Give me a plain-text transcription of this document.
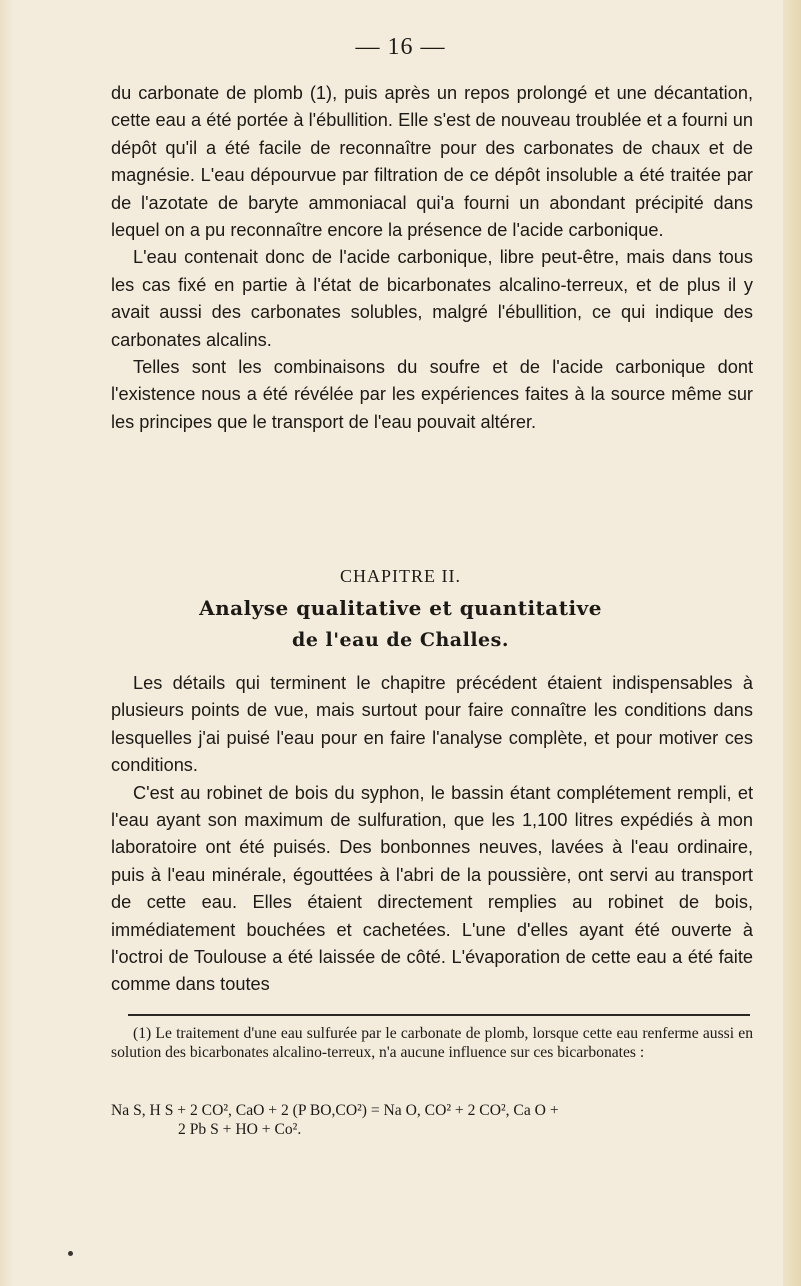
— 16 —

du carbonate de plomb (1), puis après un repos prolongé et une décantation, cette eau a été portée à l'ébullition. Elle s'est de nouveau troublée et a fourni un dépôt qu'il a été facile de reconnaître pour des carbonates de chaux et de magnésie. L'eau dépourvue par filtration de ce dépôt insoluble a été traitée par de l'azotate de baryte ammoniacal qui'a fourni un abondant précipité dans lequel on a pu reconnaître encore la présence de l'acide carbonique.

L'eau contenait donc de l'acide carbonique, libre peut-être, mais dans tous les cas fixé en partie à l'état de bicarbonates alcalino-terreux, et de plus il y avait aussi des carbonates solubles, malgré l'ébullition, ce qui indique des carbonates alcalins.

Telles sont les combinaisons du soufre et de l'acide carbonique dont l'existence nous a été révélée par les expériences faites à la source même sur les principes que le transport de l'eau pouvait altérer.

CHAPITRE II.
Analyse qualitative et quantitative
de l'eau de Challes.

Les détails qui terminent le chapitre précédent étaient indispensables à plusieurs points de vue, mais surtout pour faire connaître les conditions dans lesquelles j'ai puisé l'eau pour en faire l'analyse complète, et pour motiver ces conditions.

C'est au robinet de bois du syphon, le bassin étant complétement rempli, et l'eau ayant son maximum de sulfuration, que les 1,100 litres expédiés à mon laboratoire ont été puisés. Des bonbonnes neuves, lavées à l'eau ordinaire, puis à l'eau minérale, égouttées à l'abri de la poussière, ont servi au transport de cette eau. Elles étaient directement remplies au robinet de bois, immédiatement bouchées et cachetées. L'une d'elles ayant été ouverte à l'octroi de Toulouse a été laissée de côté. L'évaporation de cette eau a été faite comme dans toutes

(1) Le traitement d'une eau sulfurée par le carbonate de plomb, lorsque cette eau renferme aussi en solution des bicarbonates alcalino-terreux, n'a aucune influence sur ces bicarbonates :

Na S, H S + 2 CO², CaO + 2 (P BO,CO²) = Na O, CO² + 2 CO², Ca O +
2 Pb S + HO + Co².
